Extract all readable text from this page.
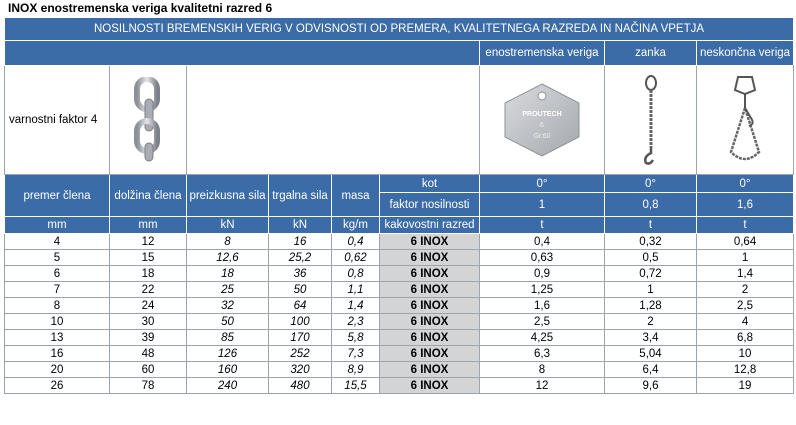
INOX enostremenska veriga kvalitetni razred 6
NOSILNOSTI BREMENSKIH VERIG V ODVISNOSTI OD PREMERA, KVALITETNEGA RAZREDA IN NAČINA VPETJA									
						enostremenska veriga	zanka	neskončna veriga	
varnostni faktor 4						PROUTECH
6
Gr.60

premer člena	dolžina člena	preizkusna sila	trgalna sila	masa	kot	0°	0°	0°	
					faktor nosilnosti	1	0,8	1,6	
mm	mm	kN	kN	kg/m	kakovostni razred	t	t	t	
4	12	8	16	0,4	6 INOX	0,4	0,32	0,64	
5	15	12,6	25,2	0,62	6 INOX	0,63	0,5	1	
6	18	18	36	0,8	6 INOX	0,9	0,72	1,4	
7	22	25	50	1,1	6 INOX	1,25	1	2	
8	24	32	64	1,4	6 INOX	1,6	1,28	2,5	
10	30	50	100	2,3	6 INOX	2,5	2	4	
13	39	85	170	5,8	6 INOX	4,25	3,4	6,8	
16	48	126	252	7,3	6 INOX	6,3	5,04	10	
20	60	160	320	8,9	6 INOX	8	6,4	12,8	
26	78	240	480	15,5	6 INOX	12	9,6	19	
